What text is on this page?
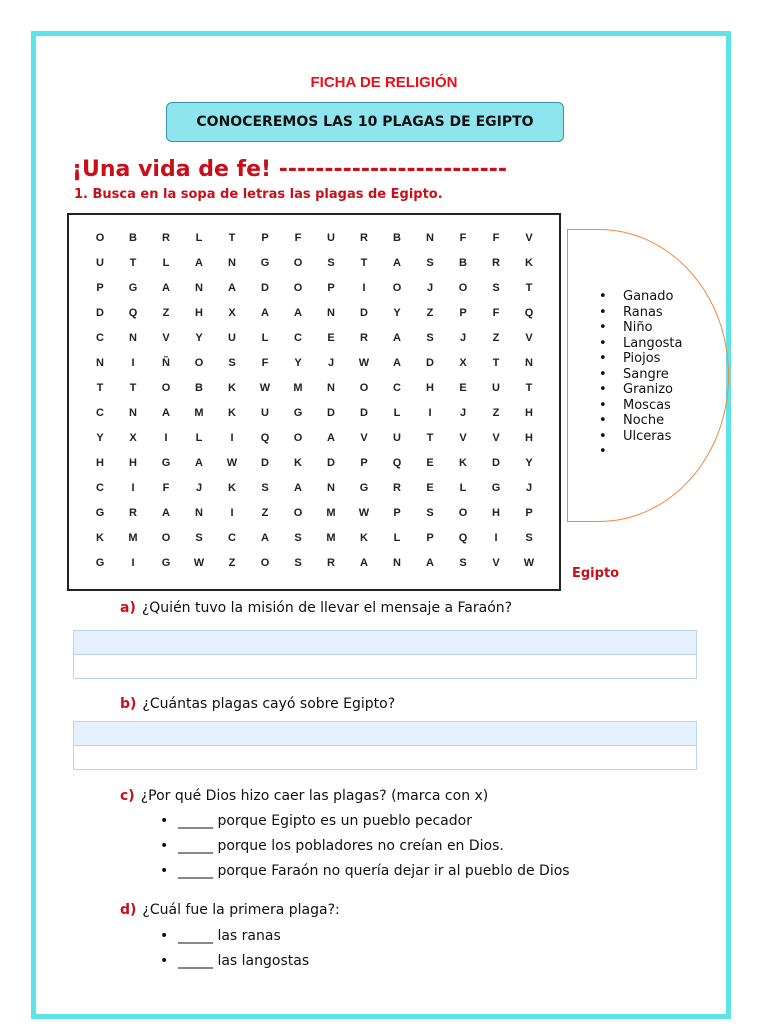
FICHA DE RELIGIÓN
CONOCEREMOS LAS 10 PLAGAS DE EGIPTO
¡Una vida de fe! -------------------------
1. Busca en la sopa de letras las plagas de Egipto.
O	B	R	L	T	P	F	U	R	B	N	F	F	V
U	T	L	A	N	G	O	S	T	A	S	B	R	K
P	G	A	N	A	D	O	P	I	O	J	O	S	T
D	Q	Z	H	X	A	A	N	D	Y	Z	P	F	Q
C	N	V	Y	U	L	C	E	R	A	S	J	Z	V
N	I	Ñ	O	S	F	Y	J	W	A	D	X	T	N
T	T	O	B	K	W	M	N	O	C	H	E	U	T
C	N	A	M	K	U	G	D	D	L	I	J	Z	H
Y	X	I	L	I	Q	O	A	V	U	T	V	V	H
H	H	G	A	W	D	K	D	P	Q	E	K	D	Y
C	I	F	J	K	S	A	N	G	R	E	L	G	J
G	R	A	N	I	Z	O	M	W	P	S	O	H	P
K	M	O	S	C	A	S	M	K	L	P	Q	I	S
G	I	G	W	Z	O	S	R	A	N	A	S	V	W
• Ganado
• Ranas
• Niño
• Langosta
• Piojos
• Sangre
• Granizo
• Moscas
• Noche
• Ulceras
•
Egipto
a) ¿Quién tuvo la misión de llevar el mensaje a Faraón?
b) ¿Cuántas plagas cayó sobre Egipto?
c) ¿Por qué Dios hizo caer las plagas? (marca con x)
• _____ porque Egipto es un pueblo pecador
• _____ porque los pobladores no creían en Dios.
• _____ porque Faraón no quería dejar ir al pueblo de Dios
d) ¿Cuál fue la primera plaga?:
• _____ las ranas
• _____ las langostas
